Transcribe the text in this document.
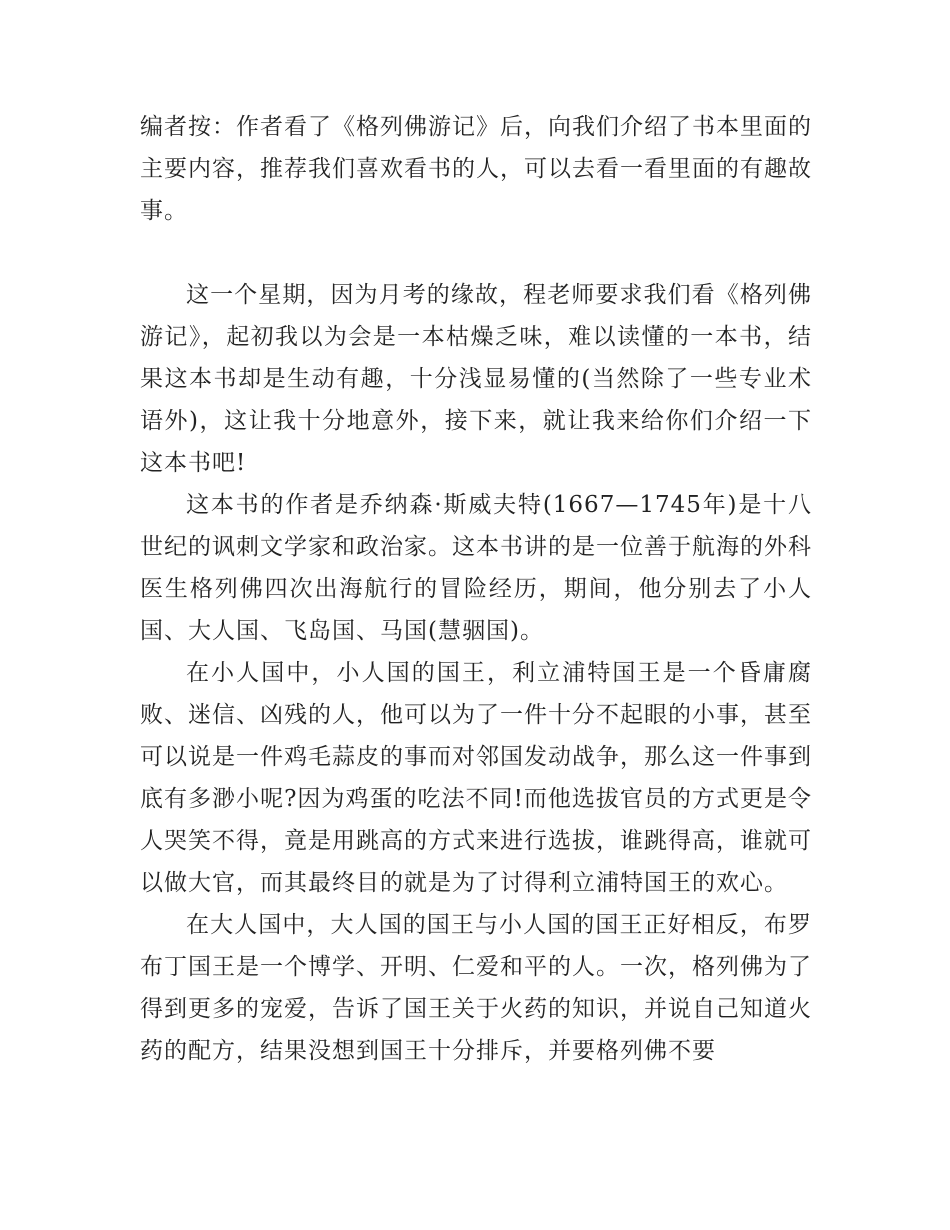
编者按：作者看了《格列佛游记》后，向我们介绍了书本里面的主要内容，推荐我们喜欢看书的人，可以去看一看里面的有趣故事。

这一个星期，因为月考的缘故，程老师要求我们看《格列佛游记》，起初我以为会是一本枯燥乏味，难以读懂的一本书，结果这本书却是生动有趣，十分浅显易懂的(当然除了一些专业术语外)，这让我十分地意外，接下来，就让我来给你们介绍一下这本书吧!

这本书的作者是乔纳森·斯威夫特(1667—1745年)是十八世纪的讽刺文学家和政治家。这本书讲的是一位善于航海的外科医生格列佛四次出海航行的冒险经历，期间，他分别去了小人国、大人国、飞岛国、马国(慧骃国)。

在小人国中，小人国的国王，利立浦特国王是一个昏庸腐败、迷信、凶残的人，他可以为了一件十分不起眼的小事，甚至可以说是一件鸡毛蒜皮的事而对邻国发动战争，那么这一件事到底有多渺小呢?因为鸡蛋的吃法不同!而他选拔官员的方式更是令人哭笑不得，竟是用跳高的方式来进行选拔，谁跳得高，谁就可以做大官，而其最终目的就是为了讨得利立浦特国王的欢心。

在大人国中，大人国的国王与小人国的国王正好相反，布罗布丁国王是一个博学、开明、仁爱和平的人。一次，格列佛为了得到更多的宠爱，告诉了国王关于火药的知识，并说自己知道火药的配方，结果没想到国王十分排斥，并要格列佛不要
